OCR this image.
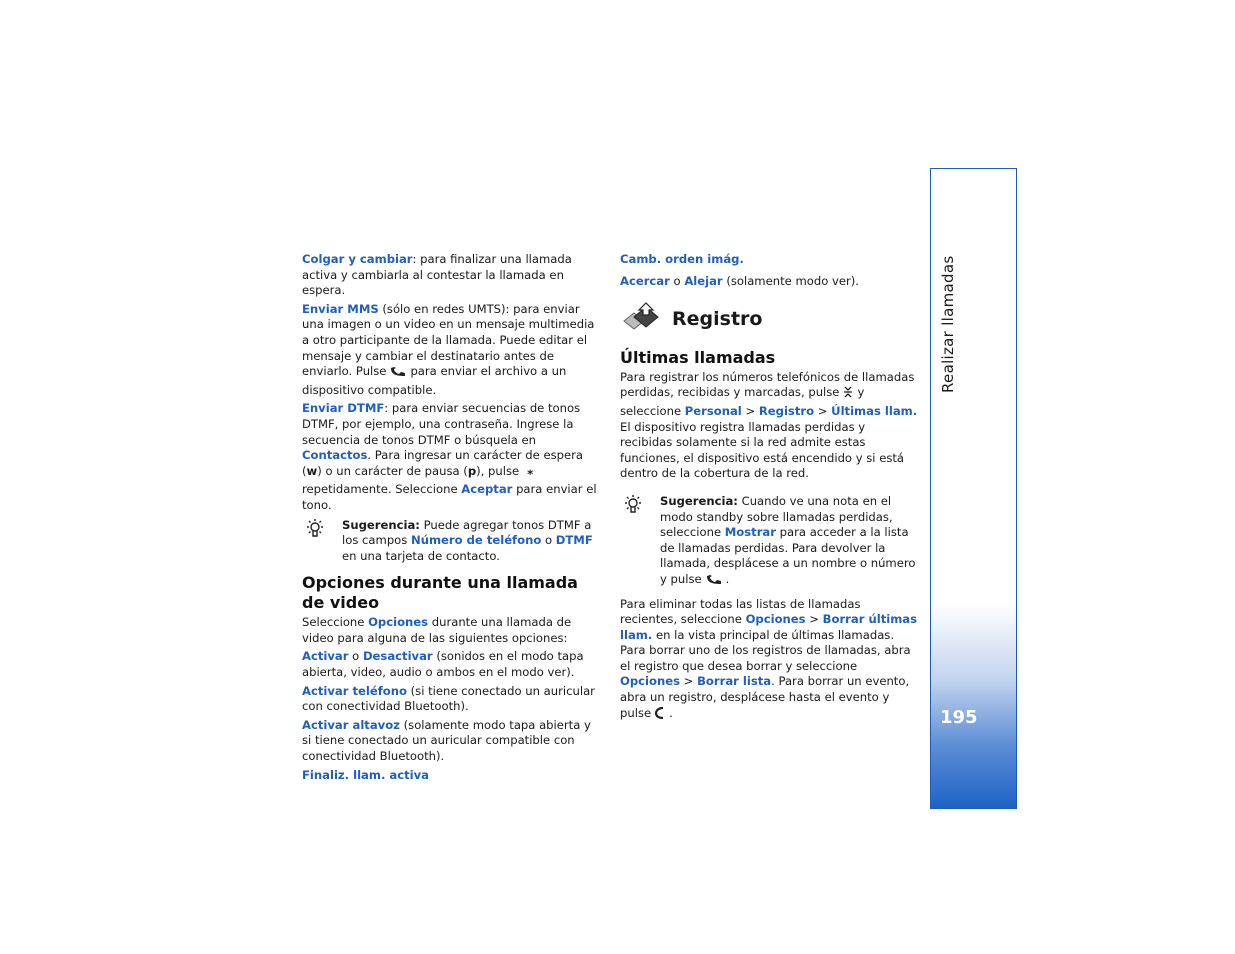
Colgar y cambiar: para finalizar una llamada activa y cambiarla al contestar la llamada en espera.

Enviar MMS (sólo en redes UMTS): para enviar una imagen o un video en un mensaje multimedia a otro participante de la llamada. Puede editar el mensaje y cambiar el destinatario antes de enviarlo. Pulse para enviar el archivo a un dispositivo compatible.

Enviar DTMF: para enviar secuencias de tonos DTMF, por ejemplo, una contraseña. Ingrese la secuencia de tonos DTMF o búsquela en Contactos. Para ingresar un carácter de espera (w) o un carácter de pausa (p), pulse *repetidamente. Seleccione Aceptar para enviar el tono.

Sugerencia: Puede agregar tonos DTMF a los campos Número de teléfono o DTMF en una tarjeta de contacto.
Opciones durante una llamada de video

Seleccione Opciones durante una llamada de video para alguna de las siguientes opciones:

Activar o Desactivar (sonidos en el modo tapa abierta, video, audio o ambos en el modo ver).

Activar teléfono (si tiene conectado un auricular con conectividad Bluetooth).

Activar altavoz (solamente modo tapa abierta y si tiene conectado un auricular compatible con conectividad Bluetooth).

Finaliz. llam. activa

Camb. orden imág.

Acercar o Alejar (solamente modo ver).

Registro
Últimas llamadas

Para registrar los números telefónicos de llamadas perdidas, recibidas y marcadas, pulse y seleccione Personal > Registro > Últimas llam. El dispositivo registra llamadas perdidas y recibidas solamente si la red admite estas funciones, el dispositivo está encendido y si está dentro de la cobertura de la red.

Sugerencia: Cuando ve una nota en el modo standby sobre llamadas perdidas, seleccione Mostrar para acceder a la lista de llamadas perdidas. Para devolver la llamada, desplácese a un nombre o número y pulse .

Para eliminar todas las listas de llamadas recientes, seleccione Opciones > Borrar últimas llam. en la vista principal de últimas llamadas. Para borrar uno de los registros de llamadas, abra el registro que desea borrar y seleccione Opciones > Borrar lista. Para borrar un evento, abra un registro, desplácese hasta el evento y pulse .

Realizar llamadas
195
